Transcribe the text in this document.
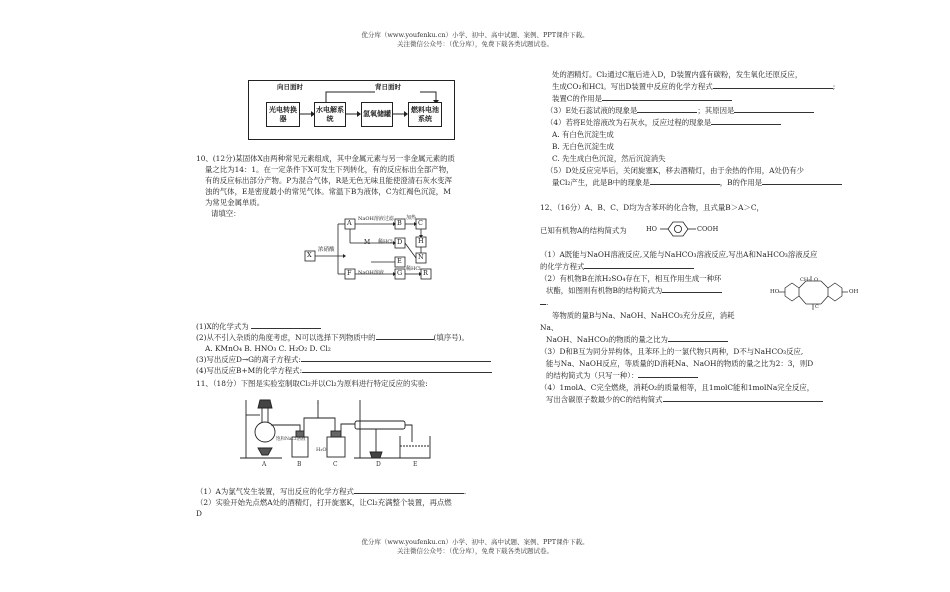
优分库（www.youfenku.cn）小学、初中、高中试题、案例、PPT课件下载。
关注微信公众号：（优分库），免费下载各类试题试卷。
向日面时	背日面时
光电转换器
水电解系统	氢氧储罐	燃料电池系统
10、(12分)某固体X由两种常见元素组成，其中金属元素与另一非金属元素的质
量之比为14：1。在一定条件下X可发生下列转化，有的反应标出全部产物，
有的反应标出部分产物。P为混合气体，R是无色无味且能使澄清石灰水变浑
浊的气体，E是密度最小的常见气体。常温下B为液体，C为红褐色沉淀，M
为常见金属单质。
请填空：
X
A	B C
H
N
D
E
F	G	R
M
浓硝酸
NaOH溶液过滤 加热
稀HCl
NaOH溶液
稀HCl
(1)X的化学式为
(2)从不引入杂质的角度考虑，N可以选择下列物质中的	(填序号)。
A. KMnO₄ B. HNO₃ C. H₂O₂ D. Cl₂
(3)写出反应D→G的离子方程式:
(4)写出反应B+M的化学方程式:
11、（18分）下图是实验室制取Cl₂并以Cl₂为原料进行特定反应的实验:
A	B	C	D	E
饱和NaCl溶液
H₂O
（1）A为氯气发生装置，写出反应的化学方程式	.
（2）实验开始先点燃A处的酒精灯，打开旋塞K，让Cl₂充满整个装置，再点燃
D
处的酒精灯。Cl₂通过C瓶后进入D，D装置内盛有碳粉，发生氧化还原反应，
生成CO₂和HCl。写出D装置中反应的化学方程式	;
装置C的作用是
（3）E处石蕊试液的现象是	；其原因是
（4）若将E处溶液改为石灰水，反应过程的现象是
A. 有白色沉淀生成
B. 无白色沉淀生成
C. 先生成白色沉淀，然后沉淀消失
（5）D处反应完毕后，关闭旋塞K，移去酒精灯，由于余热的作用，A处仍有少
量Cl₂产生，此是B中的现象是	，B的作用是
12、（16分）A、B、C、D均为含苯环的化合物，且式量B＞A＞C，
已知有机物A的结构简式为	HO	COOH
（1）A既能与NaOH溶液反应,又能与NaHCO₃溶液反应,写出A和NaHCO₃溶液反应
的化学方程式
（2）有机物B在浓H₂SO₄存在下，相互作用生成一种环
状酯，如图则有机物B的结构简式为
.
HO	OH
CH₂ O
C
等物质的量B与Na、NaOH、NaHCO₃充分反应，消耗
Na、
NaOH、NaHCO₃的物质的量之比为
（3）D和B互为同分异构体，且苯环上的一氯代物只两种，D不与NaHCO₃反应,
能与Na、NaOH反应，等质量的D消耗Na、NaOH的物质的量之比为2：3，则D
的结构简式为（只写一种）：
（4）1molA、C完全燃烧，消耗O₂的质量相等，且1molC能和1molNa完全反应，
写出含碳原子数最少的C的结构简式
优分库（www.youfenku.cn）小学、初中、高中试题、案例、PPT课件下载。
关注微信公众号：（优分库），免费下载各类试题试卷。
